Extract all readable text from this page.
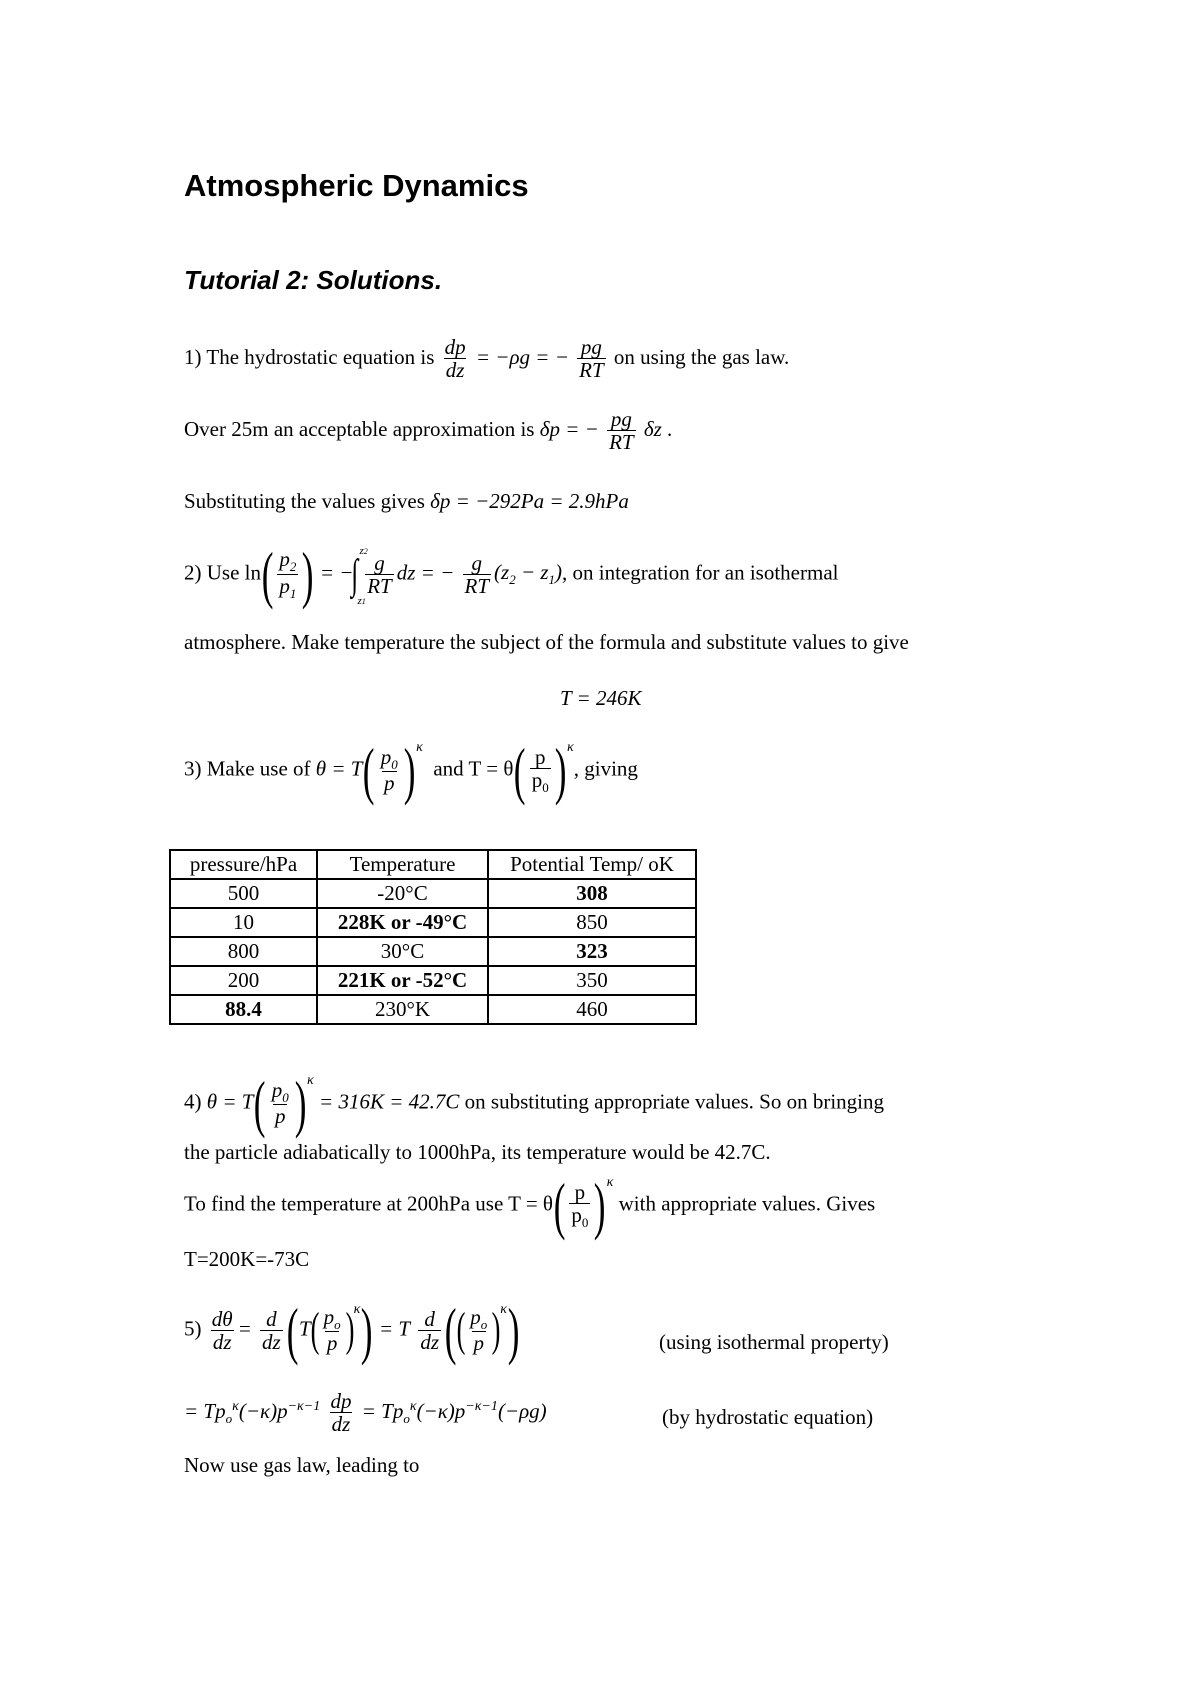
Atmospheric Dynamics
Tutorial 2: Solutions.
1) The hydrostatic equation is $\frac{dp}{dz} = -\rho g$ = − $\frac{pg}{RT}$ on using the gas law.
Over 25m an acceptable approximation is δp = − $\frac{pg}{RT}$ δz .
Substituting the values gives δp = −292Pa = 2.9hPa
2) Use $\ln( \frac{p_2}{p_1}$ ) = −∫
z2
z1

$\frac{g}{RT}$ dz = − $\frac{g}{RT} (z_2 - z_1)$, on integration for an isothermal
atmosphere. Make temperature the subject of the formula and substitute values to give
T = 246K
3) Make use of $\theta = T( \frac{p_0}{p} )^\kappa$  and $T = \theta( \frac{p}{p_0} )^\kappa$, giving
pressure/hPa	Temperature	Potential Temp/ oK
500	-20°C	308
10	228K or -49°C	850
800	30°C	323
200	221K or -52°C	350
88.4	230°K	460
4) $\theta = T( \frac{p_0}{p} )^\kappa = 316K = 42.7C$ on substituting appropriate values. So on bringing
the particle adiabatically to 1000hPa, its temperature would be 42.7C.
To find the temperature at 200hPa use $T = \theta( \frac{p}{p_0} )^\kappa$ with appropriate values. Gives
T=200K=-73C
$5) \frac{d\theta}{dz} = \frac{d}{dz} (T( \frac{p_o}{p} )^\kappa) = T \frac{d}{dz}$ (( $\frac{p_o}{p} )^\kappa$)	(using isothermal property)
= $Tp_o^\kappa(-\kappa)p^{-\kappa-1} \frac{dp}{dz} = Tp_o^\kappa(-\kappa)p^{-\kappa-1}(-\rho g)$	(by hydrostatic equation)
Now use gas law, leading to
